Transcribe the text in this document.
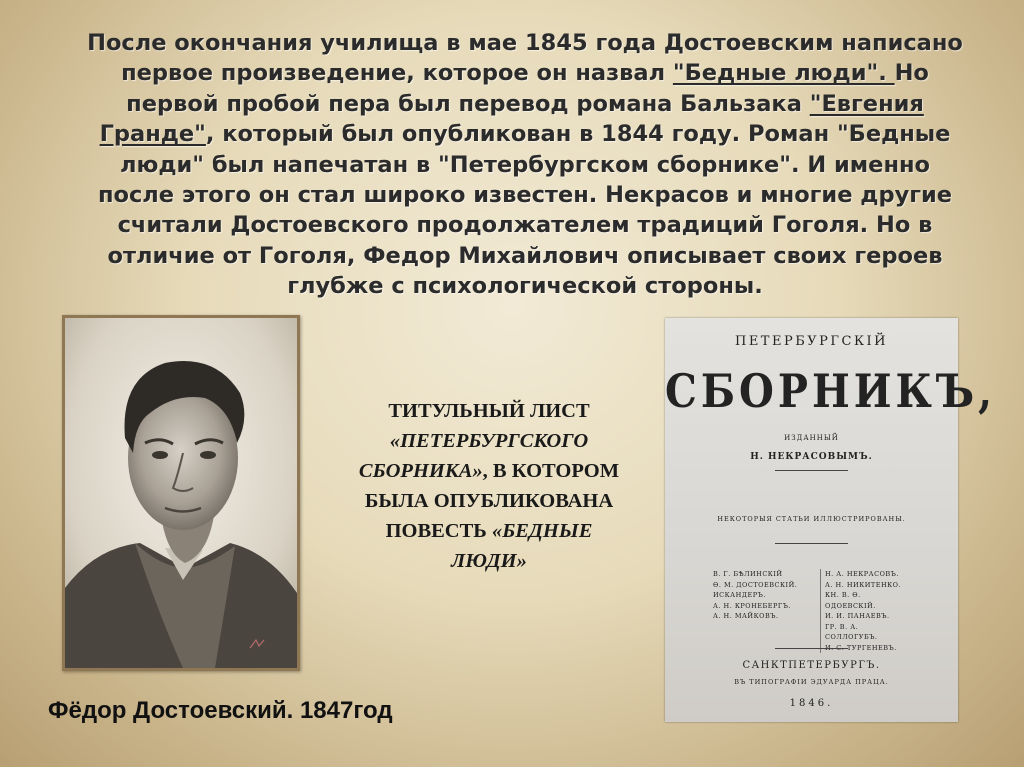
После окончания училища в мае 1845 года Достоевским написано
первое произведение, которое он назвал "Бедные люди". Но
первой пробой пера был перевод романа Бальзака "Евгения
Гранде", который был опубликован в 1844 году. Роман "Бедные
люди" был напечатан в "Петербургском сборнике". И именно
после этого он стал широко известен. Некрасов и многие другие
считали Достоевского продолжателем традиций Гоголя. Но в
отличие от Гоголя, Федор Михайлович описывает своих героев
глубже с психологической стороны.
ТИТУЛЬНЫЙ ЛИСТ «ПЕТЕРБУРГСКОГО СБОРНИКА», В КОТОРОМ БЫЛА ОПУБЛИКОВАНА ПОВЕСТЬ «БЕДНЫЕ ЛЮДИ»
Фёдор Достоевский. 1847год
ПЕТЕРБУРГСКІЙ
СБОРНИКЪ,
ИЗДАННЫЙ
Н. НЕКРАСОВЫМЪ.
НЕКОТОРЫЯ СТАТЬИ ИЛЛЮСТРИРОВАНЫ.
В. Г. БѢЛИНСКІЙ
Ѳ. М. ДОСТОЕВСКІЙ.
ИСКАНДЕРЪ.
А. Н. КРОНЕБЕРГЪ.
А. Н. МАЙКОВЪ.
Н. А. НЕКРАСОВЪ.
А. Н. НИКИТЕНКО.
КН. В. Ѳ. ОДОЕВСКІЙ.
И. И. ПАНАЕВЪ.
ГР. В. А. СОЛЛОГУБЪ.
И. С. ТУРГЕНЕВЪ.
САНКТПЕТЕРБУРГЪ.
ВЪ ТИПОГРАФІИ ЭДУАРДА ПРАЦА.
1846.
